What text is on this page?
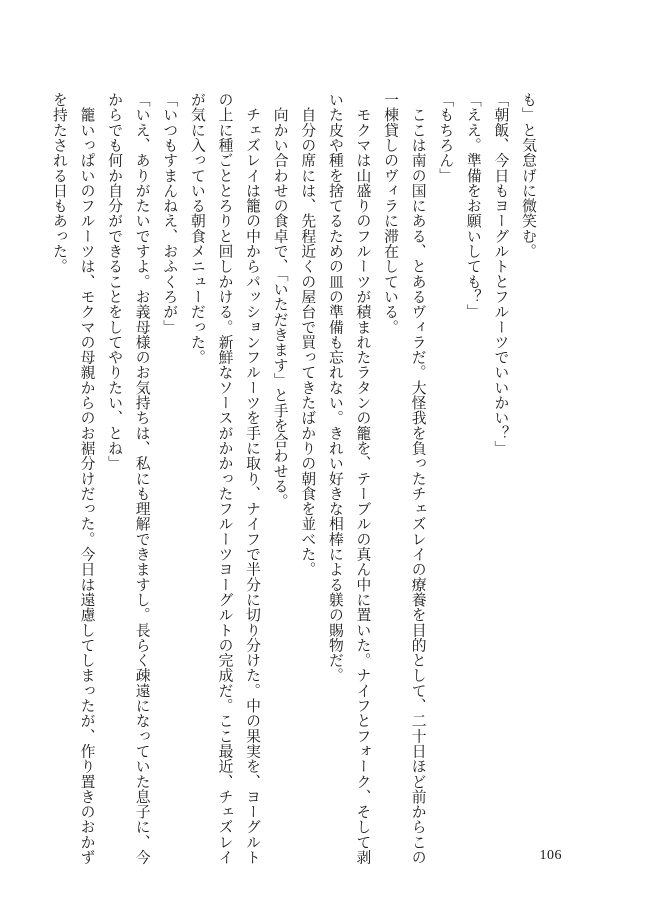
も」と気怠げに微笑む。
「朝飯、今日もヨーグルトとフルーツでいいかい？」
「ええ。準備をお願いしても？」
「もちろん」
　ここは南の国にある、とあるヴィラだ。大怪我を負ったチェズレイの療養を目的として、二十日ほど前からこの
一棟貸しのヴィラに滞在している。
　モクマは山盛りのフルーツが積まれたラタンの籠を、テーブルの真ん中に置いた。ナイフとフォーク、そして剥
いた皮や種を捨てるための皿の準備も忘れない。きれい好きな相棒による躾の賜物だ。
　自分の席には、先程近くの屋台で買ってきたばかりの朝食を並べた。
　向かい合わせの食卓で、「いただきます」と手を合わせる。
　チェズレイは籠の中からパッションフルーツを手に取り、ナイフで半分に切り分けた。中の果実を、ヨーグルト
の上に種ごととろりと回しかける。新鮮なソースがかかったフルーツヨーグルトの完成だ。ここ最近、チェズレイ
が気に入っている朝食メニューだった。
「いつもすまんねえ、おふくろが」
「いえ、ありがたいですよ。お義母様のお気持ちは、私にも理解できますし。長らく疎遠になっていた息子に、今
からでも何か自分ができることをしてやりたい、とね」
　籠いっぱいのフルーツは、モクマの母親からのお裾分けだった。今日は遠慮してしまったが、作り置きのおかず
を持たされる日もあった。
106
